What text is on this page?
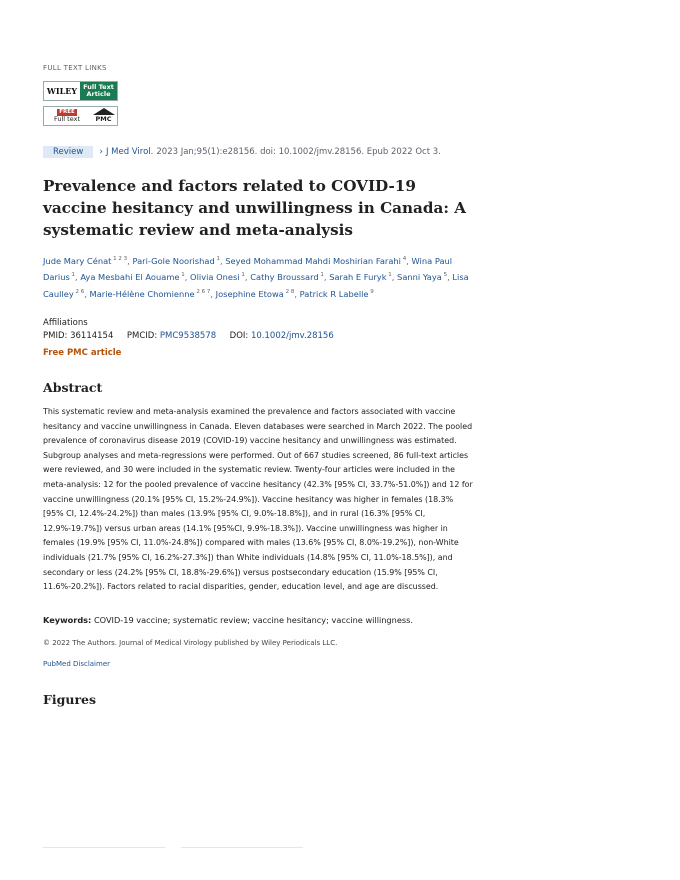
FULL TEXT LINKS
WILEY Full Text
Article
FREE
Full text PMC
Review	› J Med Virol. 2023 Jan;95(1):e28156. doi: 10.1002/jmv.28156. Epub 2022 Oct 3.
Prevalence and factors related to COVID-19 vaccine hesitancy and unwillingness in Canada: A systematic review and meta-analysis
Jude Mary Cénat $^{1 2 3}$, Pari-Gole Noorishad $^1$, Seyed Mohammad Mahdi Moshirian Farahi $^4$, Wina Paul Darius $^1$, Aya Mesbahi El Aouame $^1$, Olivia Onesi $^1$, Cathy Broussard $^1$, Sarah E Furyk $^1$, Sanni Yaya $^5$, Lisa Caulley $^{2 6}$, Marie-Hélène Chomienne $^{2 6 7}$, Josephine Etowa $^{2 8}$, Patrick R Labelle $^9$
Affiliations
PMID: 36114154 PMCID: PMC9538578 DOI: 10.1002/jmv.28156
Free PMC article
Abstract
This systematic review and meta-analysis examined the prevalence and factors associated with vaccine hesitancy and vaccine unwillingness in Canada. Eleven databases were searched in March 2022. The pooled prevalence of coronavirus disease 2019 (COVID-19) vaccine hesitancy and unwillingness was estimated. Subgroup analyses and meta-regressions were performed. Out of 667 studies screened, 86 full-text articles were reviewed, and 30 were included in the systematic review. Twenty-four articles were included in the meta-analysis: 12 for the pooled prevalence of vaccine hesitancy (42.3% [95% CI, 33.7%-51.0%]) and 12 for vaccine unwillingness (20.1% [95% CI, 15.2%-24.9%]). Vaccine hesitancy was higher in females (18.3% [95% CI, 12.4%-24.2%]) than males (13.9% [95% CI, 9.0%-18.8%]), and in rural (16.3% [95% CI, 12.9%-19.7%]) versus urban areas (14.1% [95%CI, 9.9%-18.3%]). Vaccine unwillingness was higher in females (19.9% [95% CI, 11.0%-24.8%]) compared with males (13.6% [95% CI, 8.0%-19.2%]), non-White individuals (21.7% [95% CI, 16.2%-27.3%]) than White individuals (14.8% [95% CI, 11.0%-18.5%]), and secondary or less (24.2% [95% CI, 18.8%-29.6%]) versus postsecondary education (15.9% [95% CI, 11.6%-20.2%]). Factors related to racial disparities, gender, education level, and age are discussed.
Keywords: COVID-19 vaccine; systematic review; vaccine hesitancy; vaccine willingness.
© 2022 The Authors. Journal of Medical Virology published by Wiley Periodicals LLC.
PubMed Disclaimer
Figures
